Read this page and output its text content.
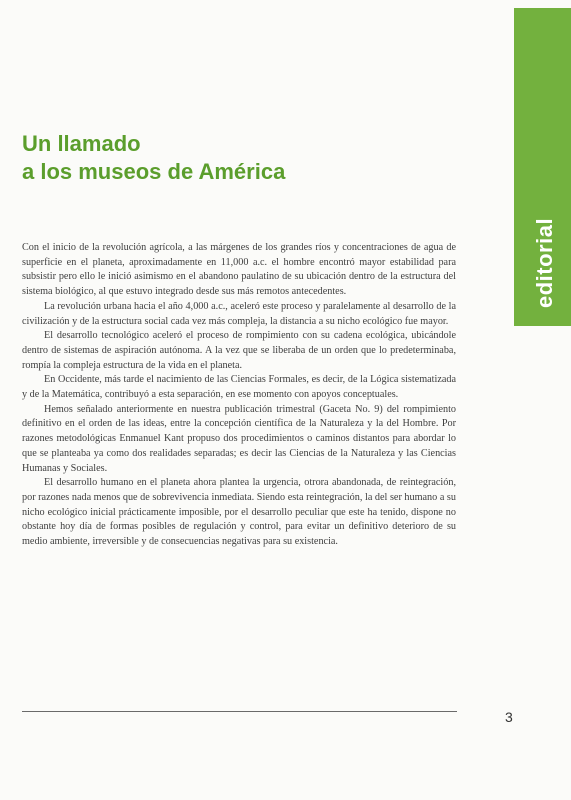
Un llamado
a los museos de América
editorial

Con el inicio de la revolución agrícola, a las márgenes de los grandes ríos y concentraciones de agua de superficie en el planeta, aproximadamente en 11,000 a.c. el hombre encontró mayor estabilidad para subsistir pero ello le inició asimismo en el abandono paulatino de su ubicación dentro de la estructura del sistema biológico, al que estuvo integrado desde sus más remotos antecedentes.

La revolución urbana hacia el año 4,000 a.c., aceleró este proceso y paralelamente al desarrollo de la civilización y de la estructura social cada vez más compleja, la distancia a su nicho ecológico fue mayor.

El desarrollo tecnológico aceleró el proceso de rompimiento con su cadena ecológica, ubicándole dentro de sistemas de aspiración autónoma. A la vez que se liberaba de un orden que lo predeterminaba, rompía la compleja estructura de la vida en el planeta.

En Occidente, más tarde el nacimiento de las Ciencias Formales, es decir, de la Lógica sistematizada y de la Matemática, contribuyó a esta separación, en ese momento con apoyos conceptuales.

Hemos señalado anteriormente en nuestra publicación trimestral (Gaceta No. 9) del rompimiento definitivo en el orden de las ideas, entre la concepción científica de la Naturaleza y la del Hombre. Por razones metodológicas Enmanuel Kant propuso dos procedimientos o caminos distantos para abordar lo que se planteaba ya como dos realidades separadas; es decir las Ciencias de la Naturaleza y las Ciencias Humanas y Sociales.

El desarrollo humano en el planeta ahora plantea la urgencia, otrora abandonada, de reintegración, por razones nada menos que de sobrevivencia inmediata. Siendo esta reintegración, la del ser humano a su nicho ecológico inicial prácticamente imposible, por el desarrollo peculiar que este ha tenido, dispone no obstante hoy día de formas posibles de regulación y control, para evitar un definitivo deterioro de su medio ambiente, irreversible y de consecuencias negativas para su existencia.

3
